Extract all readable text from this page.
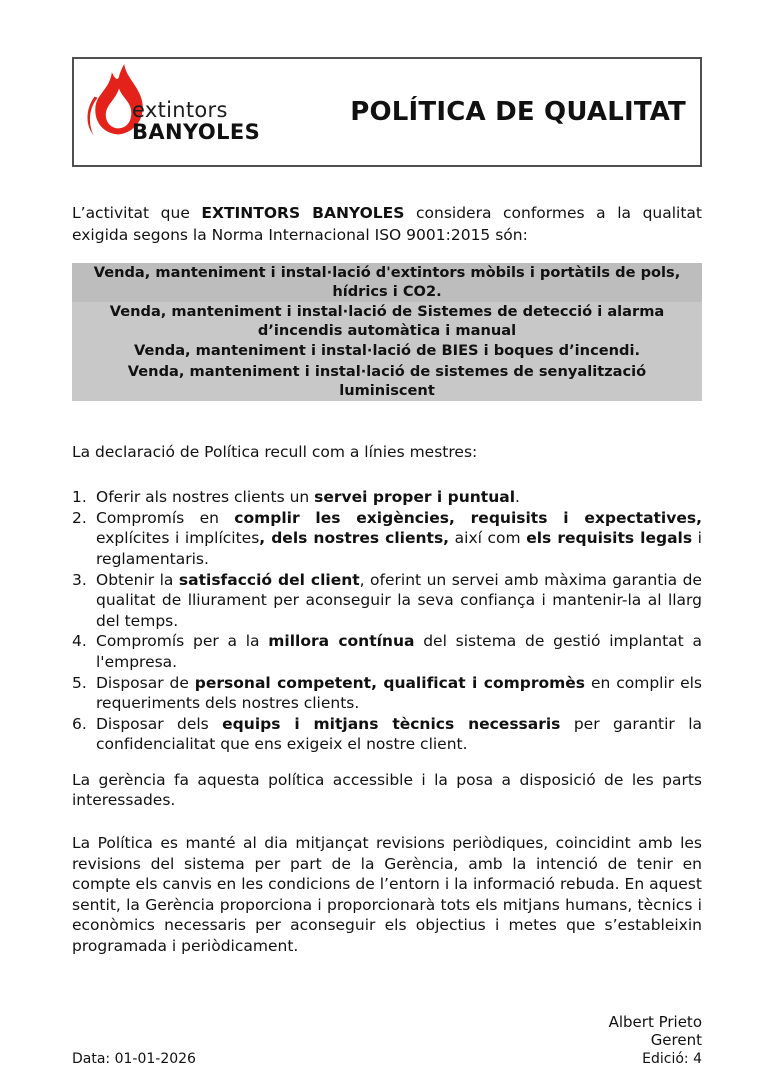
extintors
BANYOLES
POLÍTICA DE QUALITAT

L’activitat que EXTINTORS BANYOLES considera conformes a la qualitat exigida segons la Norma Internacional ISO 9001:2015 són:

Venda, manteniment i instal·lació d'extintors mòbils i portàtils de pols, hídrics i CO2.
Venda, manteniment i instal·lació de Sistemes de detecció i alarma d’incendis automàtica i manual
Venda, manteniment i instal·lació de BIES i boques d’incendi.
Venda, manteniment i instal·lació de sistemes de senyalització luminiscent

La declaració de Política recull com a línies mestres:

1. Oferir als nostres clients un servei proper i puntual.
2. Compromís en complir les exigències, requisits i expectatives, explícites i implícites, dels nostres clients, així com els requisits legals i reglamentaris.
3. Obtenir la satisfacció del client, oferint un servei amb màxima garantia de qualitat de lliurament per aconseguir la seva confiança i mantenir-la al llarg del temps.
4. Compromís per a la millora contínua del sistema de gestió implantat a l'empresa.
5. Disposar de personal competent, qualificat i compromès en complir els requeriments dels nostres clients.
6. Disposar dels equips i mitjans tècnics necessaris per garantir la confidencialitat que ens exigeix el nostre client.

La gerència fa aquesta política accessible i la posa a disposició de les parts interessades.

La Política es manté al dia mitjançat revisions periòdiques, coincidint amb les revisions del sistema per part de la Gerència, amb la intenció de tenir en compte els canvis en les condicions de l’entorn i la informació rebuda. En aquest sentit, la Gerència proporciona i proporcionarà tots els mitjans humans, tècnics i econòmics necessaris per aconseguir els objectius i metes que s’estableixin programada i periòdicament.

Albert Prieto
Gerent
Data: 01-01-2026	Edició: 4
